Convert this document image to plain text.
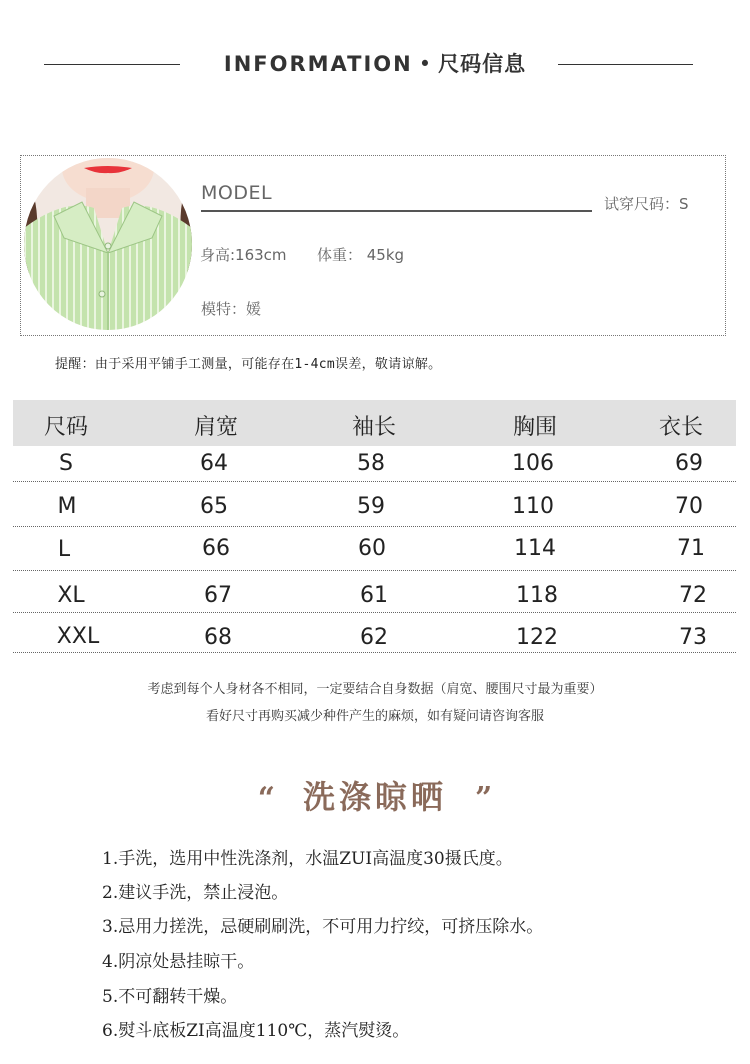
INFORMATION • 尺码信息
MODEL	试穿尺码：S
身高:163cm 体重： 45kg
模特：媛
提醒：由于采用平铺手工测量，可能存在1-4cm误差，敬请谅解。
尺码	肩宽	袖长	胸围	衣长
S	64	58	106	69
M	65	59	110	70
L	66	60	114	71
XL	67	61	118	72
XXL	68	62	122	73
考虑到每个人身材各不相同，一定要结合自身数据（肩宽、腰围尺寸最为重要）
看好尺寸再购买减少种件产生的麻烦，如有疑问请咨询客服
“ 洗涤晾晒 ”
1.手洗，选用中性洗涤剂，水温ZUI高温度30摄氏度。
2.建议手洗，禁止浸泡。
3.忌用力搓洗，忌硬刷刷洗，不可用力拧绞，可挤压除水。
4.阴凉处悬挂晾干。
5.不可翻转干燥。
6.熨斗底板ZI高温度110℃，蒸汽熨烫。
